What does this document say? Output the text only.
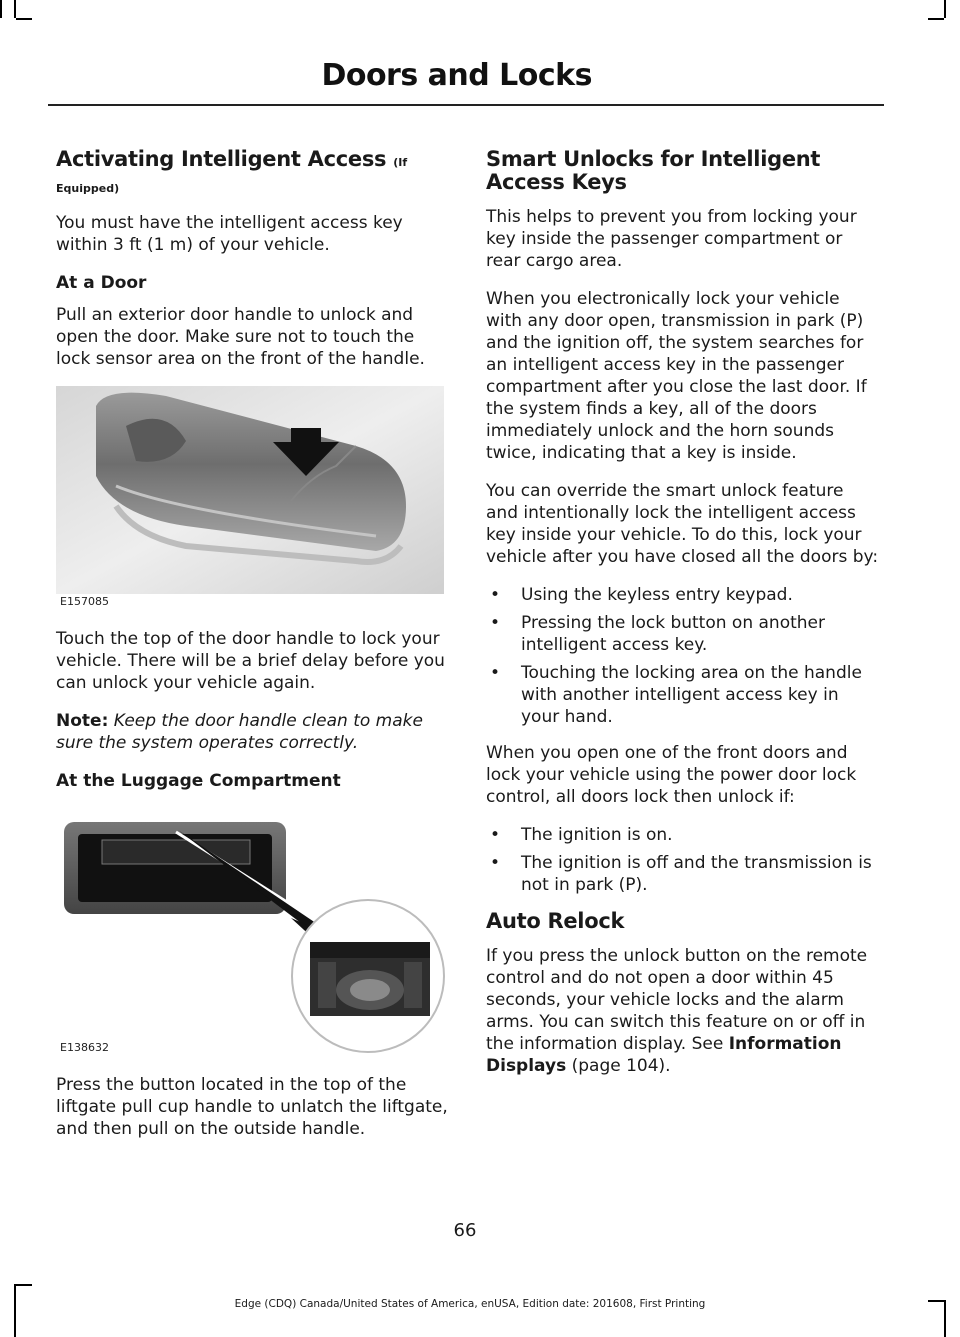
Doors and Locks
Activating Intelligent Access (If
Equipped)

You must have the intelligent access key within 3 ft (1 m) of your vehicle.

At a Door

Pull an exterior door handle to unlock and open the door. Make sure not to touch the lock sensor area on the front of the handle.

E157085

Touch the top of the door handle to lock your vehicle. There will be a brief delay before you can unlock your vehicle again.

Note: Keep the door handle clean to make sure the system operates correctly.

At the Luggage Compartment
E138632

Press the button located in the top of the liftgate pull cup handle to unlatch the liftgate, and then pull on the outside handle.

Smart Unlocks for Intelligent Access Keys

This helps to prevent you from locking your key inside the passenger compartment or rear cargo area.

When you electronically lock your vehicle with any door open, transmission in park (P) and the ignition off, the system searches for an intelligent access key in the passenger compartment after you close the last door. If the system finds a key, all of the doors immediately unlock and the horn sounds twice, indicating that a key is inside.

You can override the smart unlock feature and intentionally lock the intelligent access key inside your vehicle. To do this, lock your vehicle after you have closed all the doors by:

• Using the keyless entry keypad.
• Pressing the lock button on another intelligent access key.
• Touching the locking area on the handle with another intelligent access key in your hand.

When you open one of the front doors and lock your vehicle using the power door lock control, all doors lock then unlock if:

• The ignition is on.
• The ignition is off and the transmission is not in park (P).
Auto Relock

If you press the unlock button on the remote control and do not open a door within 45 seconds, your vehicle locks and the alarm arms. You can switch this feature on or off in the information display. See Information Displays (page 104).

66
Edge (CDQ) Canada/United States of America, enUSA, Edition date: 201608, First Printing
